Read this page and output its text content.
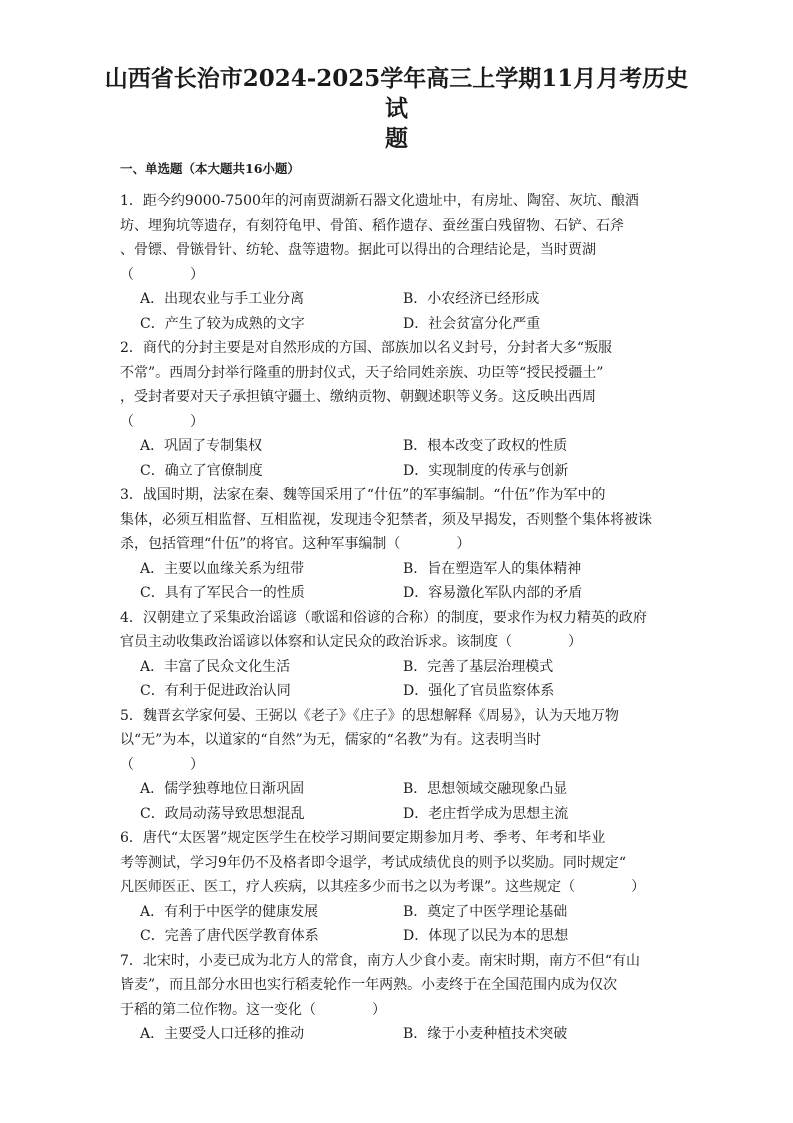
山西省长治市2024-2025学年高三上学期11月月考历史试
题

一、单选题（本大题共16小题）

1．距今约9000-7500年的河南贾湖新石器文化遗址中，有房址、陶窑、灰坑、酿酒
坊、埋狗坑等遗存，有刻符龟甲、骨笛、稻作遗存、蚕丝蛋白残留物、石铲、石斧
、骨镖、骨镞骨针、纺轮、盘等遗物。据此可以得出的合理结论是，当时贾湖
（　　　　）
A．出现农业与手工业分离	B．小农经济已经形成
C．产生了较为成熟的文字	D．社会贫富分化严重
2．商代的分封主要是对自然形成的方国、部族加以名义封号，分封者大多“叛服
不常”。西周分封举行隆重的册封仪式，天子给同姓亲族、功臣等“授民授疆土”
，受封者要对天子承担镇守疆土、缴纳贡物、朝觐述职等义务。这反映出西周
（　　　　）
A．巩固了专制集权	B．根本改变了政权的性质
C．确立了官僚制度	D．实现制度的传承与创新
3．战国时期，法家在秦、魏等国采用了“什伍”的军事编制。“什伍”作为军中的
集体，必须互相监督、互相监视，发现违令犯禁者，须及早揭发，否则整个集体将被诛
杀，包括管理“什伍”的将官。这种军事编制（　　　　）
A．主要以血缘关系为纽带	B．旨在塑造军人的集体精神
C．具有了军民合一的性质	D．容易激化军队内部的矛盾
4．汉朝建立了采集政治谣谚（歌谣和俗谚的合称）的制度，要求作为权力精英的政府
官员主动收集政治谣谚以体察和认定民众的政治诉求。该制度（　　　　）
A．丰富了民众文化生活	B．完善了基层治理模式
C．有利于促进政治认同	D．强化了官员监察体系
5．魏晋玄学家何晏、王弼以《老子》《庄子》的思想解释《周易》，认为天地万物
以“无”为本，以道家的“自然”为无，儒家的“名教”为有。这表明当时
（　　　　）
A．儒学独尊地位日渐巩固	B．思想领域交融现象凸显
C．政局动荡导致思想混乱	D．老庄哲学成为思想主流
6．唐代“太医署”规定医学生在校学习期间要定期参加月考、季考、年考和毕业
考等测试，学习9年仍不及格者即令退学，考试成绩优良的则予以奖励。同时规定“
凡医师医正、医工，疗人疾病，以其痊多少而书之以为考课”。这些规定（　　　　）
A．有利于中医学的健康发展	B．奠定了中医学理论基础
C．完善了唐代医学教育体系	D．体现了以民为本的思想
7．北宋时，小麦已成为北方人的常食，南方人少食小麦。南宋时期，南方不但“有山
皆麦”，而且部分水田也实行稻麦轮作一年两熟。小麦终于在全国范围内成为仅次
于稻的第二位作物。这一变化（　　　　）
A．主要受人口迁移的推动	B．缘于小麦种植技术突破
